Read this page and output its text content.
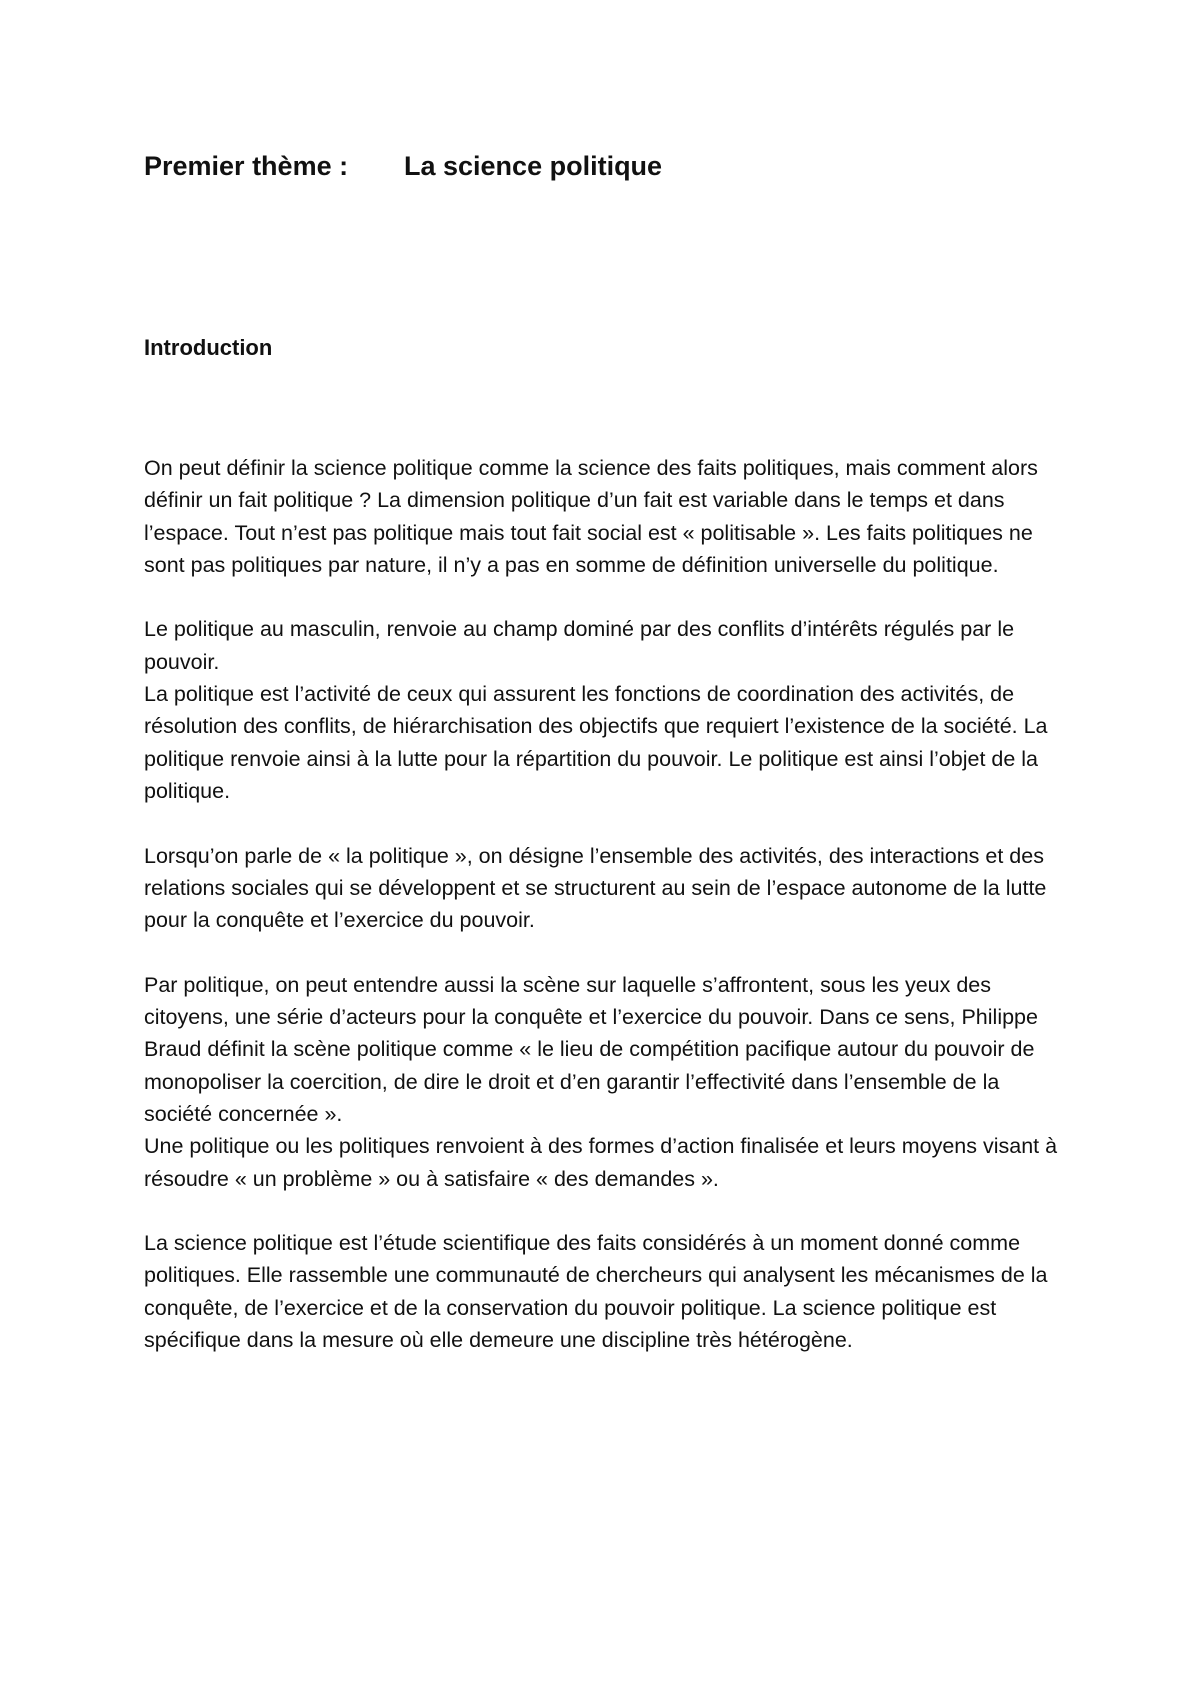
Premier thème : La science politique
Introduction

On peut définir la science politique comme la science des faits politiques, mais comment alors définir un fait politique ? La dimension politique d’un fait est variable dans le temps et dans l’espace. Tout n’est pas politique mais tout fait social est « politisable ». Les faits politiques ne sont pas politiques par nature, il n’y a pas en somme de définition universelle du politique.

Le politique au masculin, renvoie au champ dominé par des conflits d’intérêts régulés par le pouvoir.

La politique est l’activité de ceux qui assurent les fonctions de coordination des activités, de résolution des conflits, de hiérarchisation des objectifs que requiert l’existence de la société. La politique renvoie ainsi à la lutte pour la répartition du pouvoir. Le politique est ainsi l’objet de la politique.

Lorsqu’on parle de « la politique », on désigne l’ensemble des activités, des interactions et des relations sociales qui se développent et se structurent au sein de l’espace autonome de la lutte pour la conquête et l’exercice du pouvoir.

Par politique, on peut entendre aussi la scène sur laquelle s’affrontent, sous les yeux des citoyens, une série d’acteurs pour la conquête et l’exercice du pouvoir. Dans ce sens, Philippe Braud définit la scène politique comme « le lieu de compétition pacifique autour du pouvoir de monopoliser la coercition, de dire le droit et d’en garantir l’effectivité dans l’ensemble de la société concernée ».

Une politique ou les politiques renvoient à des formes d’action finalisée et leurs moyens visant à résoudre « un problème » ou à satisfaire « des demandes ».

La science politique est l’étude scientifique des faits considérés à un moment donné comme politiques. Elle rassemble une communauté de chercheurs qui analysent les mécanismes de la conquête, de l’exercice et de la conservation du pouvoir politique. La science politique est spécifique dans la mesure où elle demeure une discipline très hétérogène.
